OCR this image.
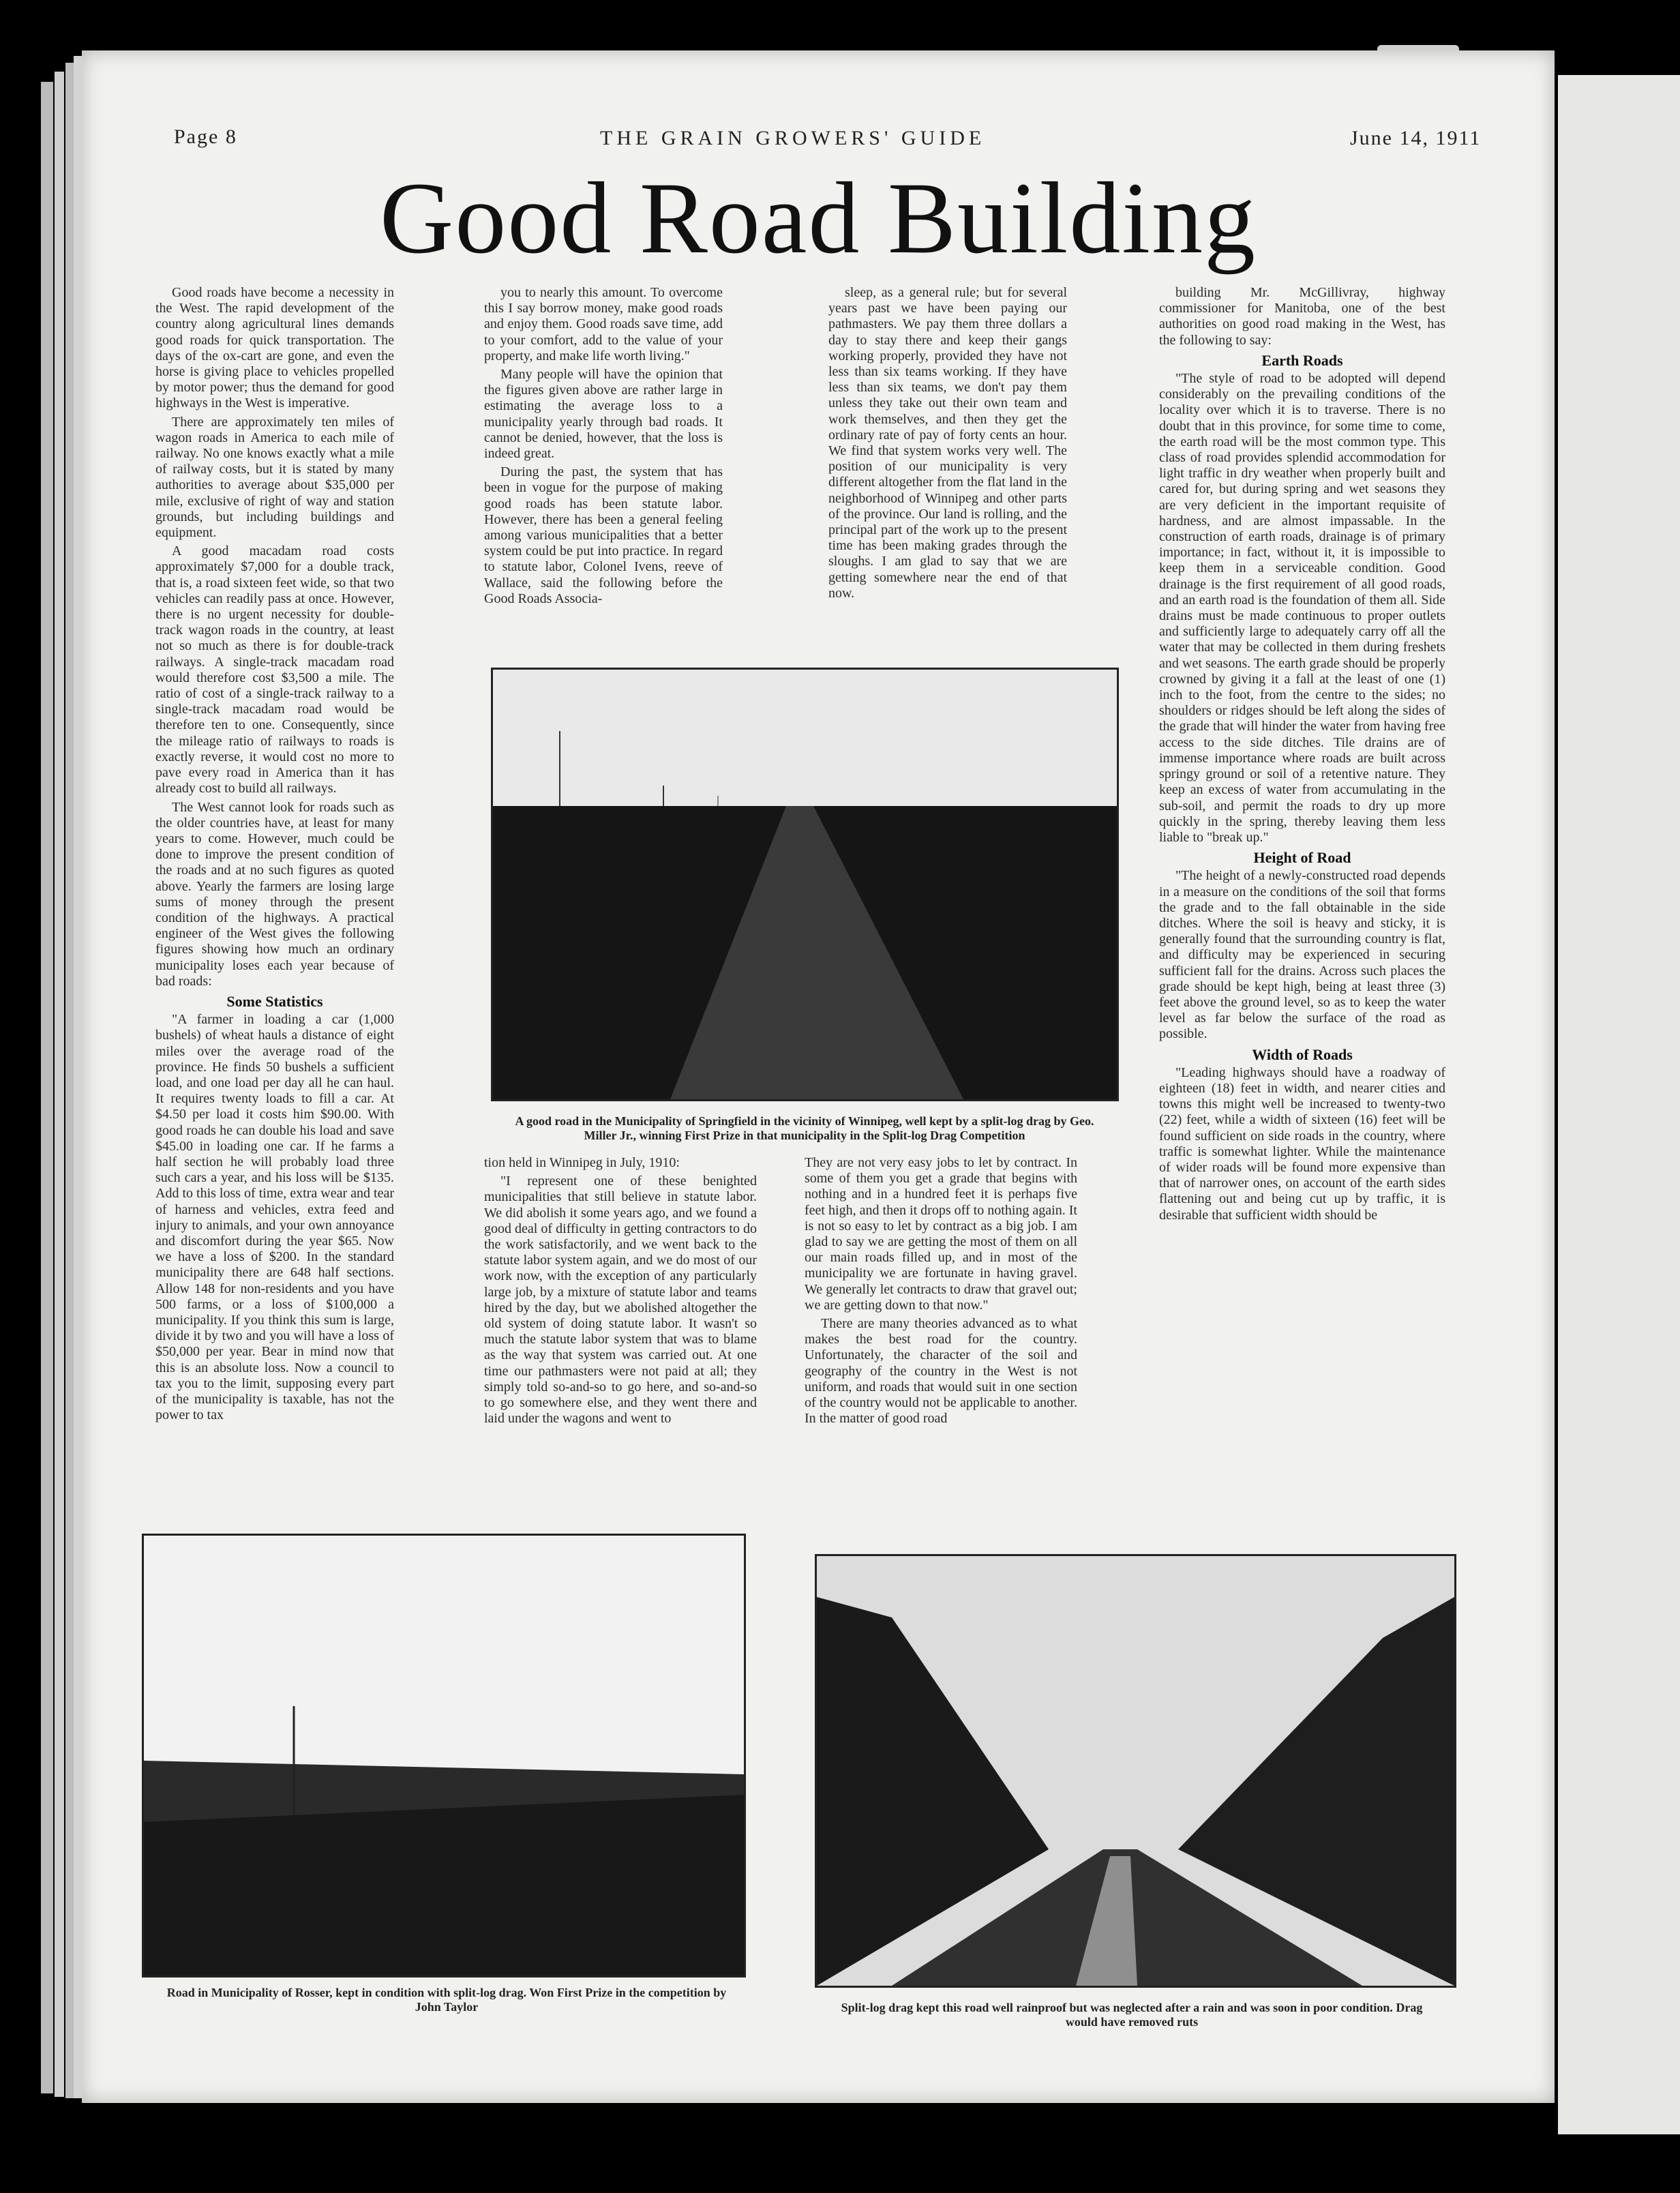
Page 8	THE GRAIN GROWERS' GUIDE	June 14, 1911
Good Road Building

Good roads have become a necessity in the West. The rapid development of the country along agricultural lines demands good roads for quick transportation. The days of the ox-cart are gone, and even the horse is giving place to vehicles propelled by motor power; thus the demand for good highways in the West is imperative.

There are approximately ten miles of wagon roads in America to each mile of railway. No one knows exactly what a mile of railway costs, but it is stated by many authorities to average about $35,000 per mile, exclusive of right of way and station grounds, but including buildings and equipment.

A good macadam road costs approximately $7,000 for a double track, that is, a road sixteen feet wide, so that two vehicles can readily pass at once. However, there is no urgent necessity for double-track wagon roads in the country, at least not so much as there is for double-track railways. A single-track macadam road would therefore cost $3,500 a mile. The ratio of cost of a single-track railway to a single-track macadam road would be therefore ten to one. Consequently, since the mileage ratio of railways to roads is exactly reverse, it would cost no more to pave every road in America than it has already cost to build all railways.

The West cannot look for roads such as the older countries have, at least for many years to come. However, much could be done to improve the present condition of the roads and at no such figures as quoted above. Yearly the farmers are losing large sums of money through the present condition of the highways. A practical engineer of the West gives the following figures showing how much an ordinary municipality loses each year because of bad roads:

Some Statistics

"A farmer in loading a car (1,000 bushels) of wheat hauls a distance of eight miles over the average road of the province. He finds 50 bushels a sufficient load, and one load per day all he can haul. It requires twenty loads to fill a car. At $4.50 per load it costs him $90.00. With good roads he can double his load and save $45.00 in loading one car. If he farms a half section he will probably load three such cars a year, and his loss will be $135. Add to this loss of time, extra wear and tear of harness and vehicles, extra feed and injury to animals, and your own annoyance and discomfort during the year $65. Now we have a loss of $200. In the standard municipality there are 648 half sections. Allow 148 for non-residents and you have 500 farms, or a loss of $100,000 a municipality. If you think this sum is large, divide it by two and you will have a loss of $50,000 per year. Bear in mind now that this is an absolute loss. Now a council to tax you to the limit, supposing every part of the municipality is taxable, has not the power to tax

you to nearly this amount. To overcome this I say borrow money, make good roads and enjoy them. Good roads save time, add to your comfort, add to the value of your property, and make life worth living."

Many people will have the opinion that the figures given above are rather large in estimating the average loss to a municipality yearly through bad roads. It cannot be denied, however, that the loss is indeed great.

During the past, the system that has been in vogue for the purpose of making good roads has been statute labor. However, there has been a general feeling among various municipalities that a better system could be put into practice. In regard to statute labor, Colonel Ivens, reeve of Wallace, said the following before the Good Roads Associa-

sleep, as a general rule; but for several years past we have been paying our pathmasters. We pay them three dollars a day to stay there and keep their gangs working properly, provided they have not less than six teams working. If they have less than six teams, we don't pay them unless they take out their own team and work themselves, and then they get the ordinary rate of pay of forty cents an hour. We find that system works very well. The position of our municipality is very different altogether from the flat land in the neighborhood of Winnipeg and other parts of the province. Our land is rolling, and the principal part of the work up to the present time has been making grades through the sloughs. I am glad to say that we are getting somewhere near the end of that now.

building Mr. McGillivray, highway commissioner for Manitoba, one of the best authorities on good road making in the West, has the following to say:

Earth Roads

"The style of road to be adopted will depend considerably on the prevailing conditions of the locality over which it is to traverse. There is no doubt that in this province, for some time to come, the earth road will be the most common type. This class of road provides splendid accommodation for light traffic in dry weather when properly built and cared for, but during spring and wet seasons they are very deficient in the important requisite of hardness, and are almost impassable. In the construction of earth roads, drainage is of primary importance; in fact, without it, it is impossible to keep them in a serviceable condition. Good drainage is the first requirement of all good roads, and an earth road is the foundation of them all. Side drains must be made continuous to proper outlets and sufficiently large to adequately carry off all the water that may be collected in them during freshets and wet seasons. The earth grade should be properly crowned by giving it a fall at the least of one (1) inch to the foot, from the centre to the sides; no shoulders or ridges should be left along the sides of the grade that will hinder the water from having free access to the side ditches. Tile drains are of immense importance where roads are built across springy ground or soil of a retentive nature. They keep an excess of water from accumulating in the sub-soil, and permit the roads to dry up more quickly in the spring, thereby leaving them less liable to "break up."

Height of Road

"The height of a newly-constructed road depends in a measure on the conditions of the soil that forms the grade and to the fall obtainable in the side ditches. Where the soil is heavy and sticky, it is generally found that the surrounding country is flat, and difficulty may be experienced in securing sufficient fall for the drains. Across such places the grade should be kept high, being at least three (3) feet above the ground level, so as to keep the water level as far below the surface of the road as possible.

Width of Roads

"Leading highways should have a roadway of eighteen (18) feet in width, and nearer cities and towns this might well be increased to twenty-two (22) feet, while a width of sixteen (16) feet will be found sufficient on side roads in the country, where traffic is somewhat lighter. While the maintenance of wider roads will be found more expensive than that of narrower ones, on account of the earth sides flattening out and being cut up by traffic, it is desirable that sufficient width should be

A good road in the Municipality of Springfield in the vicinity of Winnipeg, well kept by a split-log drag by Geo. Miller Jr., winning First Prize in that municipality in the Split-log Drag Competition

tion held in Winnipeg in July, 1910:

"I represent one of these benighted municipalities that still believe in statute labor. We did abolish it some years ago, and we found a good deal of difficulty in getting contractors to do the work satisfactorily, and we went back to the statute labor system again, and we do most of our work now, with the exception of any particularly large job, by a mixture of statute labor and teams hired by the day, but we abolished altogether the old system of doing statute labor. It wasn't so much the statute labor system that was to blame as the way that system was carried out. At one time our pathmasters were not paid at all; they simply told so-and-so to go here, and so-and-so to go somewhere else, and they went there and laid under the wagons and went to

They are not very easy jobs to let by contract. In some of them you get a grade that begins with nothing and in a hundred feet it is perhaps five feet high, and then it drops off to nothing again. It is not so easy to let by contract as a big job. I am glad to say we are getting the most of them on all our main roads filled up, and in most of the municipality we are fortunate in having gravel. We generally let contracts to draw that gravel out; we are getting down to that now."

There are many theories advanced as to what makes the best road for the country. Unfortunately, the character of the soil and geography of the country in the West is not uniform, and roads that would suit in one section of the country would not be applicable to another. In the matter of good road

Road in Municipality of Rosser, kept in condition with split-log drag. Won First Prize in the competition by John Taylor	Split-log drag kept this road well rainproof but was neglected after a rain and was soon in poor condition. Drag would have removed ruts
